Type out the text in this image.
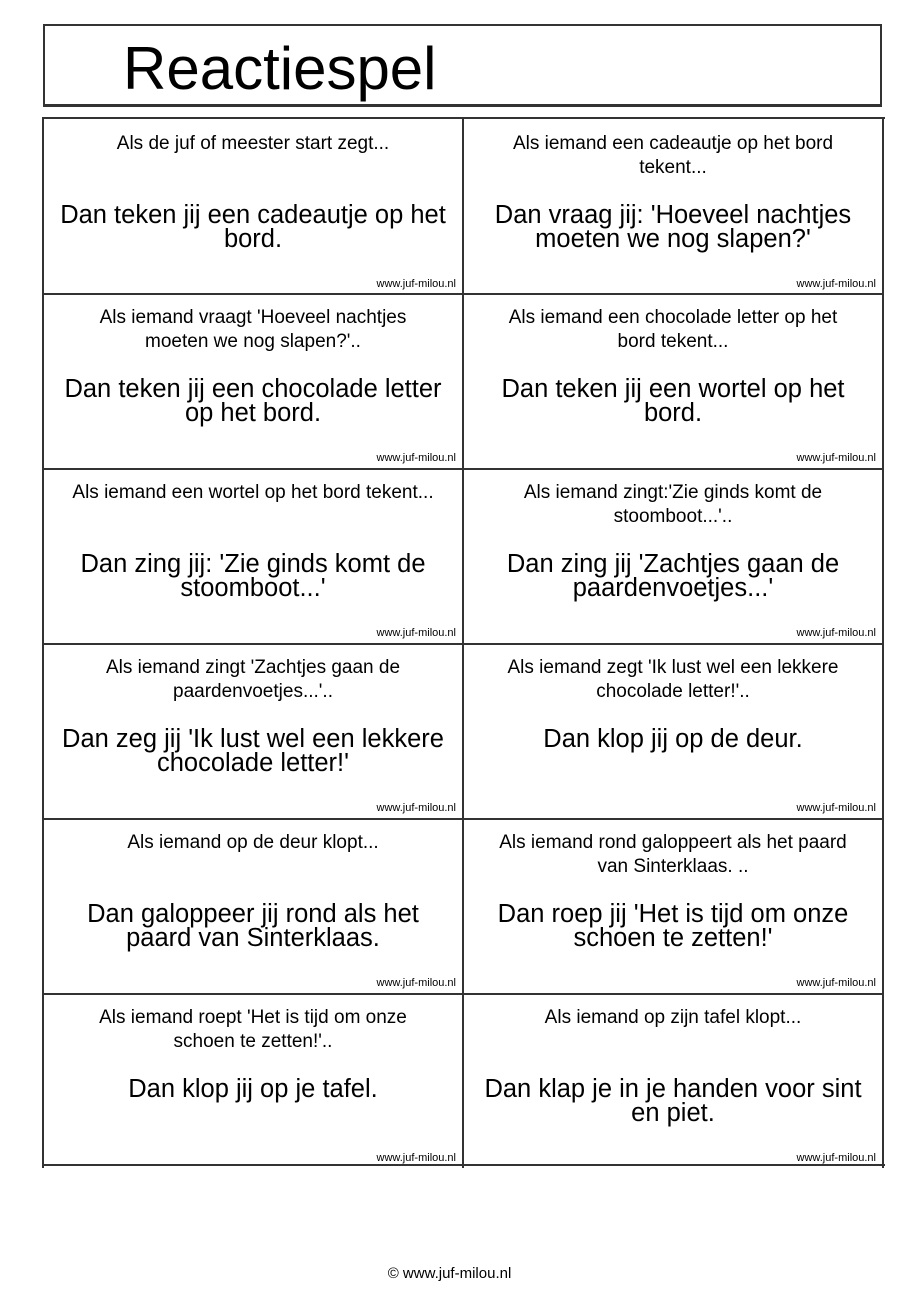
Reactiespel
Als de juf of meester start zegt...
Dan teken jij een cadeautje op het bord.
www.juf-milou.nl
Als iemand een cadeautje op het bord tekent...
Dan vraag jij: 'Hoeveel nachtjes moeten we nog slapen?'
www.juf-milou.nl
Als iemand vraagt 'Hoeveel nachtjes moeten we nog slapen?'..
Dan teken jij een chocolade letter op het bord.
www.juf-milou.nl
Als iemand een chocolade letter op het bord tekent...
Dan teken jij een wortel op het bord.
www.juf-milou.nl
Als iemand een wortel op het bord tekent...
Dan zing jij: 'Zie ginds komt de stoomboot...'
www.juf-milou.nl
Als iemand zingt:'Zie ginds komt de stoomboot...'..
Dan zing jij 'Zachtjes gaan de paardenvoetjes...'
www.juf-milou.nl
Als iemand zingt 'Zachtjes gaan de paardenvoetjes...'..
Dan zeg jij 'Ik lust wel een lekkere chocolade letter!'
www.juf-milou.nl
Als iemand zegt 'Ik lust wel een lekkere chocolade letter!'..
Dan klop jij op de deur.
www.juf-milou.nl
Als iemand op de deur klopt...
Dan galoppeer jij rond als het paard van Sinterklaas.
www.juf-milou.nl
Als iemand rond galoppeert als het paard van Sinterklaas. ..
Dan roep jij 'Het is tijd om onze schoen te zetten!'
www.juf-milou.nl
Als iemand roept 'Het is tijd om onze schoen te zetten!'..
Dan klop jij op je tafel.
www.juf-milou.nl
Als iemand op zijn tafel klopt...
Dan klap je in je handen voor sint en piet.
www.juf-milou.nl
© www.juf-milou.nl
